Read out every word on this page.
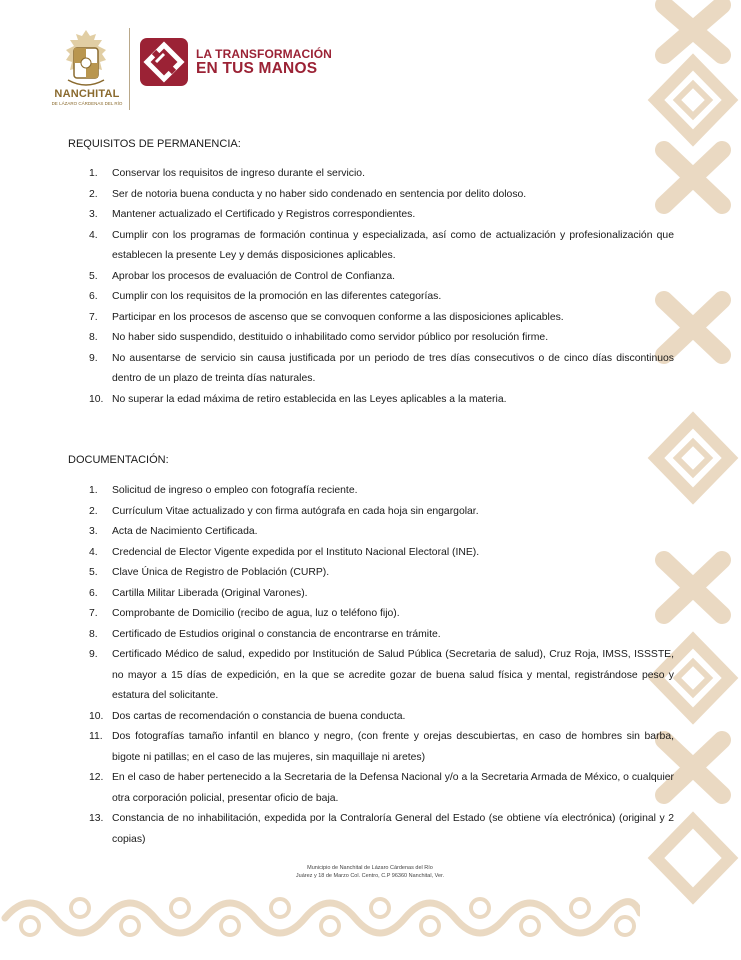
NANCHITAL
DE LÁZARO CÁRDENAS DEL RÍO
LA TRANSFORMACIÓN
EN TUS MANOS
REQUISITOS DE PERMANENCIA:
1.	Conservar los requisitos de ingreso durante el servicio.
2.	Ser de notoria buena conducta y no haber sido condenado en sentencia por delito doloso.
3.	Mantener actualizado el Certificado y Registros correspondientes.
4.	Cumplir con los programas de formación continua y especializada, así como de actualización y profesionalización que establecen la presente Ley y demás disposiciones aplicables.
5.	Aprobar los procesos de evaluación de Control de Confianza.
6.	Cumplir con los requisitos de la promoción en las diferentes categorías.
7.	Participar en los procesos de ascenso que se convoquen conforme a las disposiciones aplicables.
8.	No haber sido suspendido, destituido o inhabilitado como servidor público por resolución firme.
9.	No ausentarse de servicio sin causa justificada por un periodo de tres días consecutivos o de cinco días discontinuos dentro de un plazo de treinta días naturales.
10. No superar la edad máxima de retiro establecida en las Leyes aplicables a la materia.
DOCUMENTACIÓN:
1.	Solicitud de ingreso o empleo con fotografía reciente.
2.	Currículum Vitae actualizado y con firma autógrafa en cada hoja sin engargolar.
3.	Acta de Nacimiento Certificada.
4.	Credencial de Elector Vigente expedida por el Instituto Nacional Electoral (INE).
5.	Clave Única de Registro de Población (CURP).
6.	Cartilla Militar Liberada (Original Varones).
7.	Comprobante de Domicilio (recibo de agua, luz o teléfono fijo).
8.	Certificado de Estudios original o constancia de encontrarse en trámite.
9.	Certificado Médico de salud, expedido por Institución de Salud Pública (Secretaria de salud), Cruz Roja, IMSS, ISSSTE, no mayor a 15 días de expedición, en la que se acredite gozar de buena salud física y mental, registrándose peso y estatura del solicitante.
10. Dos cartas de recomendación o constancia de buena conducta.
11. Dos fotografías tamaño infantil en blanco y negro, (con frente y orejas descubiertas, en caso de hombres sin barba, bigote ni patillas; en el caso de las mujeres, sin maquillaje ni aretes)
12. En el caso de haber pertenecido a la Secretaria de la Defensa Nacional y/o a la Secretaria Armada de México, o cualquier otra corporación policial, presentar oficio de baja.
13. Constancia de no inhabilitación, expedida por la Contraloría General del Estado (se obtiene vía electrónica) (original y 2 copias)
Municipio de Nanchital de Lázaro Cárdenas del Río
Juárez y 18 de Marzo Col. Centro, C.P 96360 Nanchital, Ver.
